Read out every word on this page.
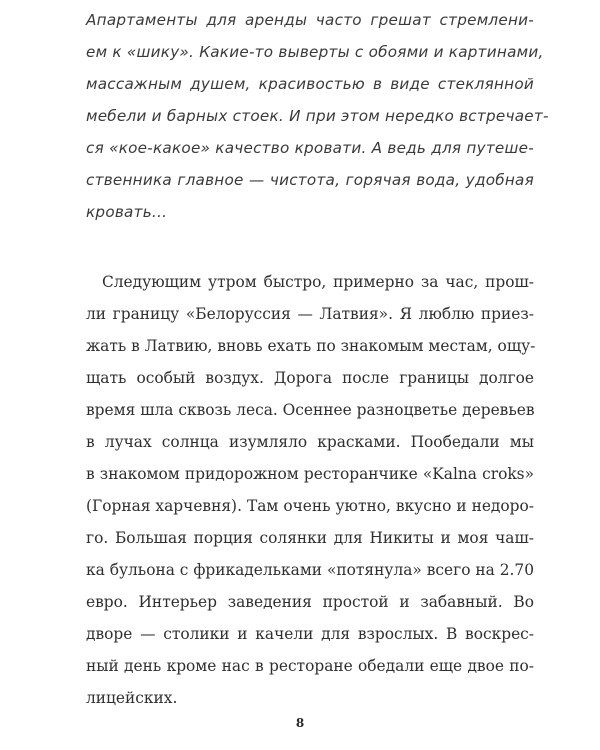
Апартаменты для аренды часто грешат стремлени-
ем к «шику». Какие-то выверты с обоями и картинами,
массажным душем, красивостью в виде стеклянной
мебели и барных стоек. И при этом нередко встречает-
ся «кое-какое» качество кровати. А ведь для путеше-
ственника главное — чистота, горячая вода, удобная
кровать...
Следующим утром быстро, примерно за час, прош-
ли границу «Белоруссия — Латвия». Я люблю приез-
жать в Латвию, вновь ехать по знакомым местам, ощу-
щать особый воздух. Дорога после границы долгое
время шла сквозь леса. Осеннее разноцветье деревьев
в лучах солнца изумляло красками. Пообедали мы
в знакомом придорожном ресторанчике «Kalna croks»
(Горная харчевня). Там очень уютно, вкусно и недоро-
го. Большая порция солянки для Никиты и моя чаш-
ка бульона с фрикадельками «потянула» всего на 2.70
евро. Интерьер заведения простой и забавный. Во
дворе — столики и качели для взрослых. В воскрес-
ный день кроме нас в ресторане обедали еще двое по-
лицейских.
8
